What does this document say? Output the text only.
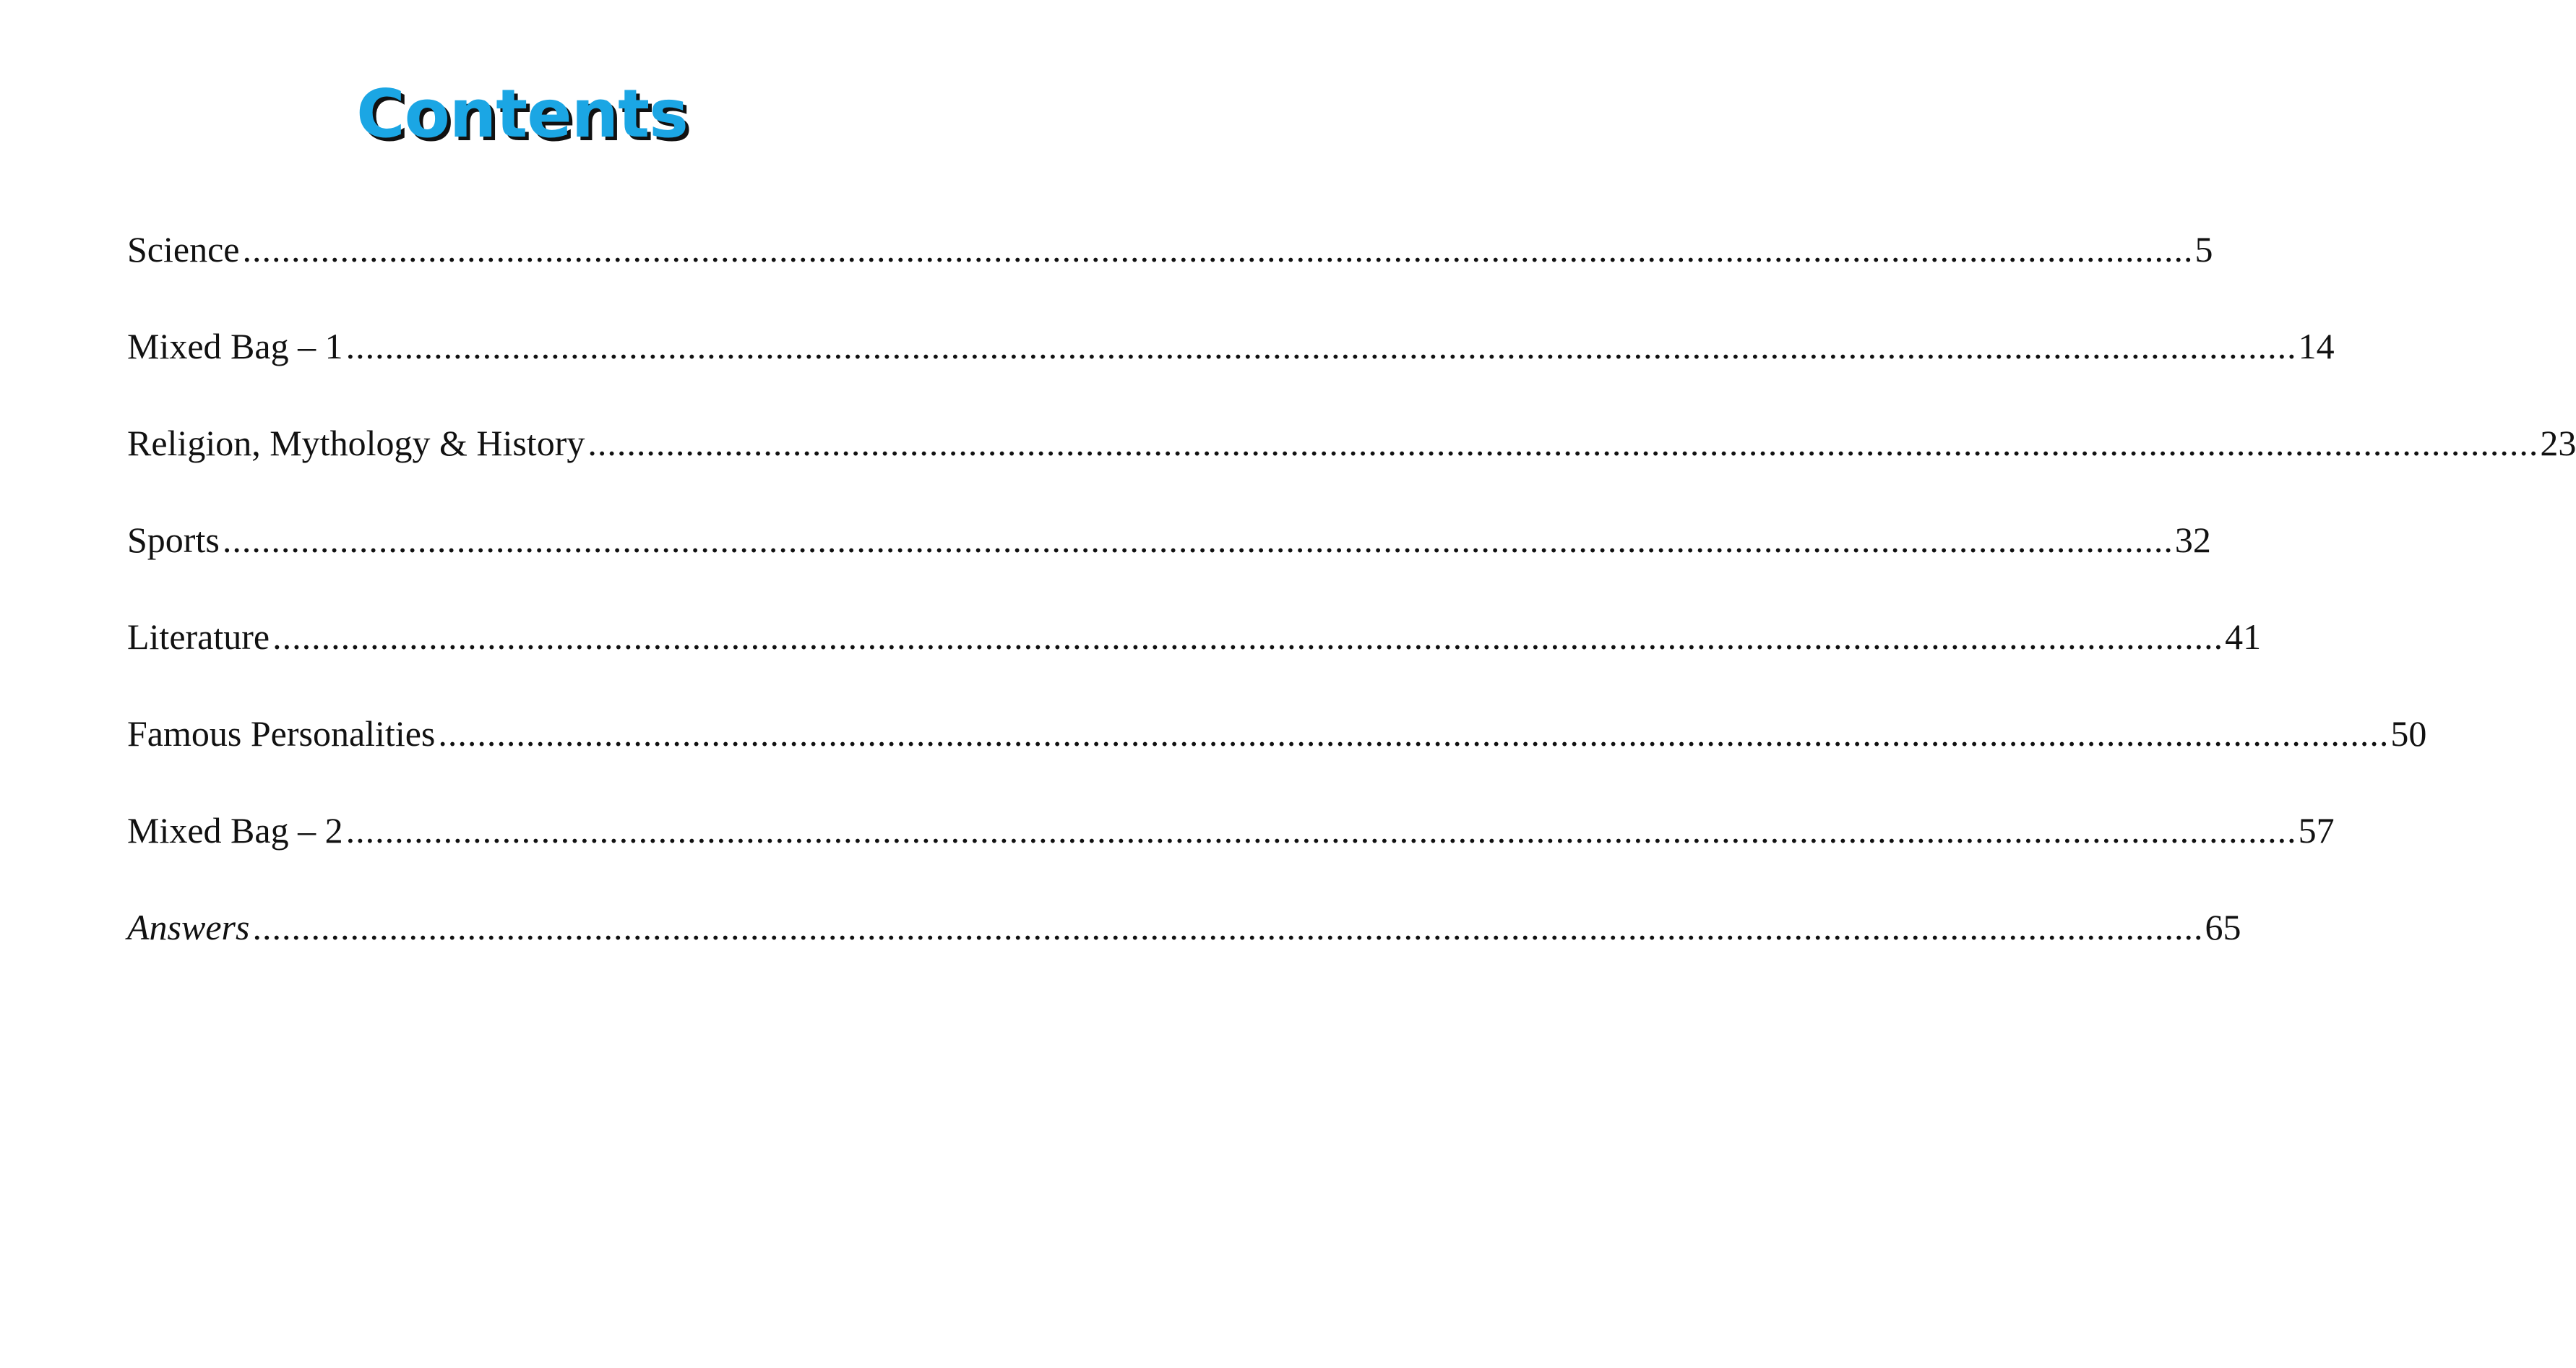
Contents
Science ........................................................................................................................................................................................................ 5
Mixed Bag – 1 ........................................................................................................................................................................................................ 14
Religion, Mythology & History ........................................................................................................................................................................................................ 23
Sports ........................................................................................................................................................................................................ 32
Literature ........................................................................................................................................................................................................ 41
Famous Personalities ........................................................................................................................................................................................................ 50
Mixed Bag – 2 ........................................................................................................................................................................................................ 57
Answers ........................................................................................................................................................................................................ 65
